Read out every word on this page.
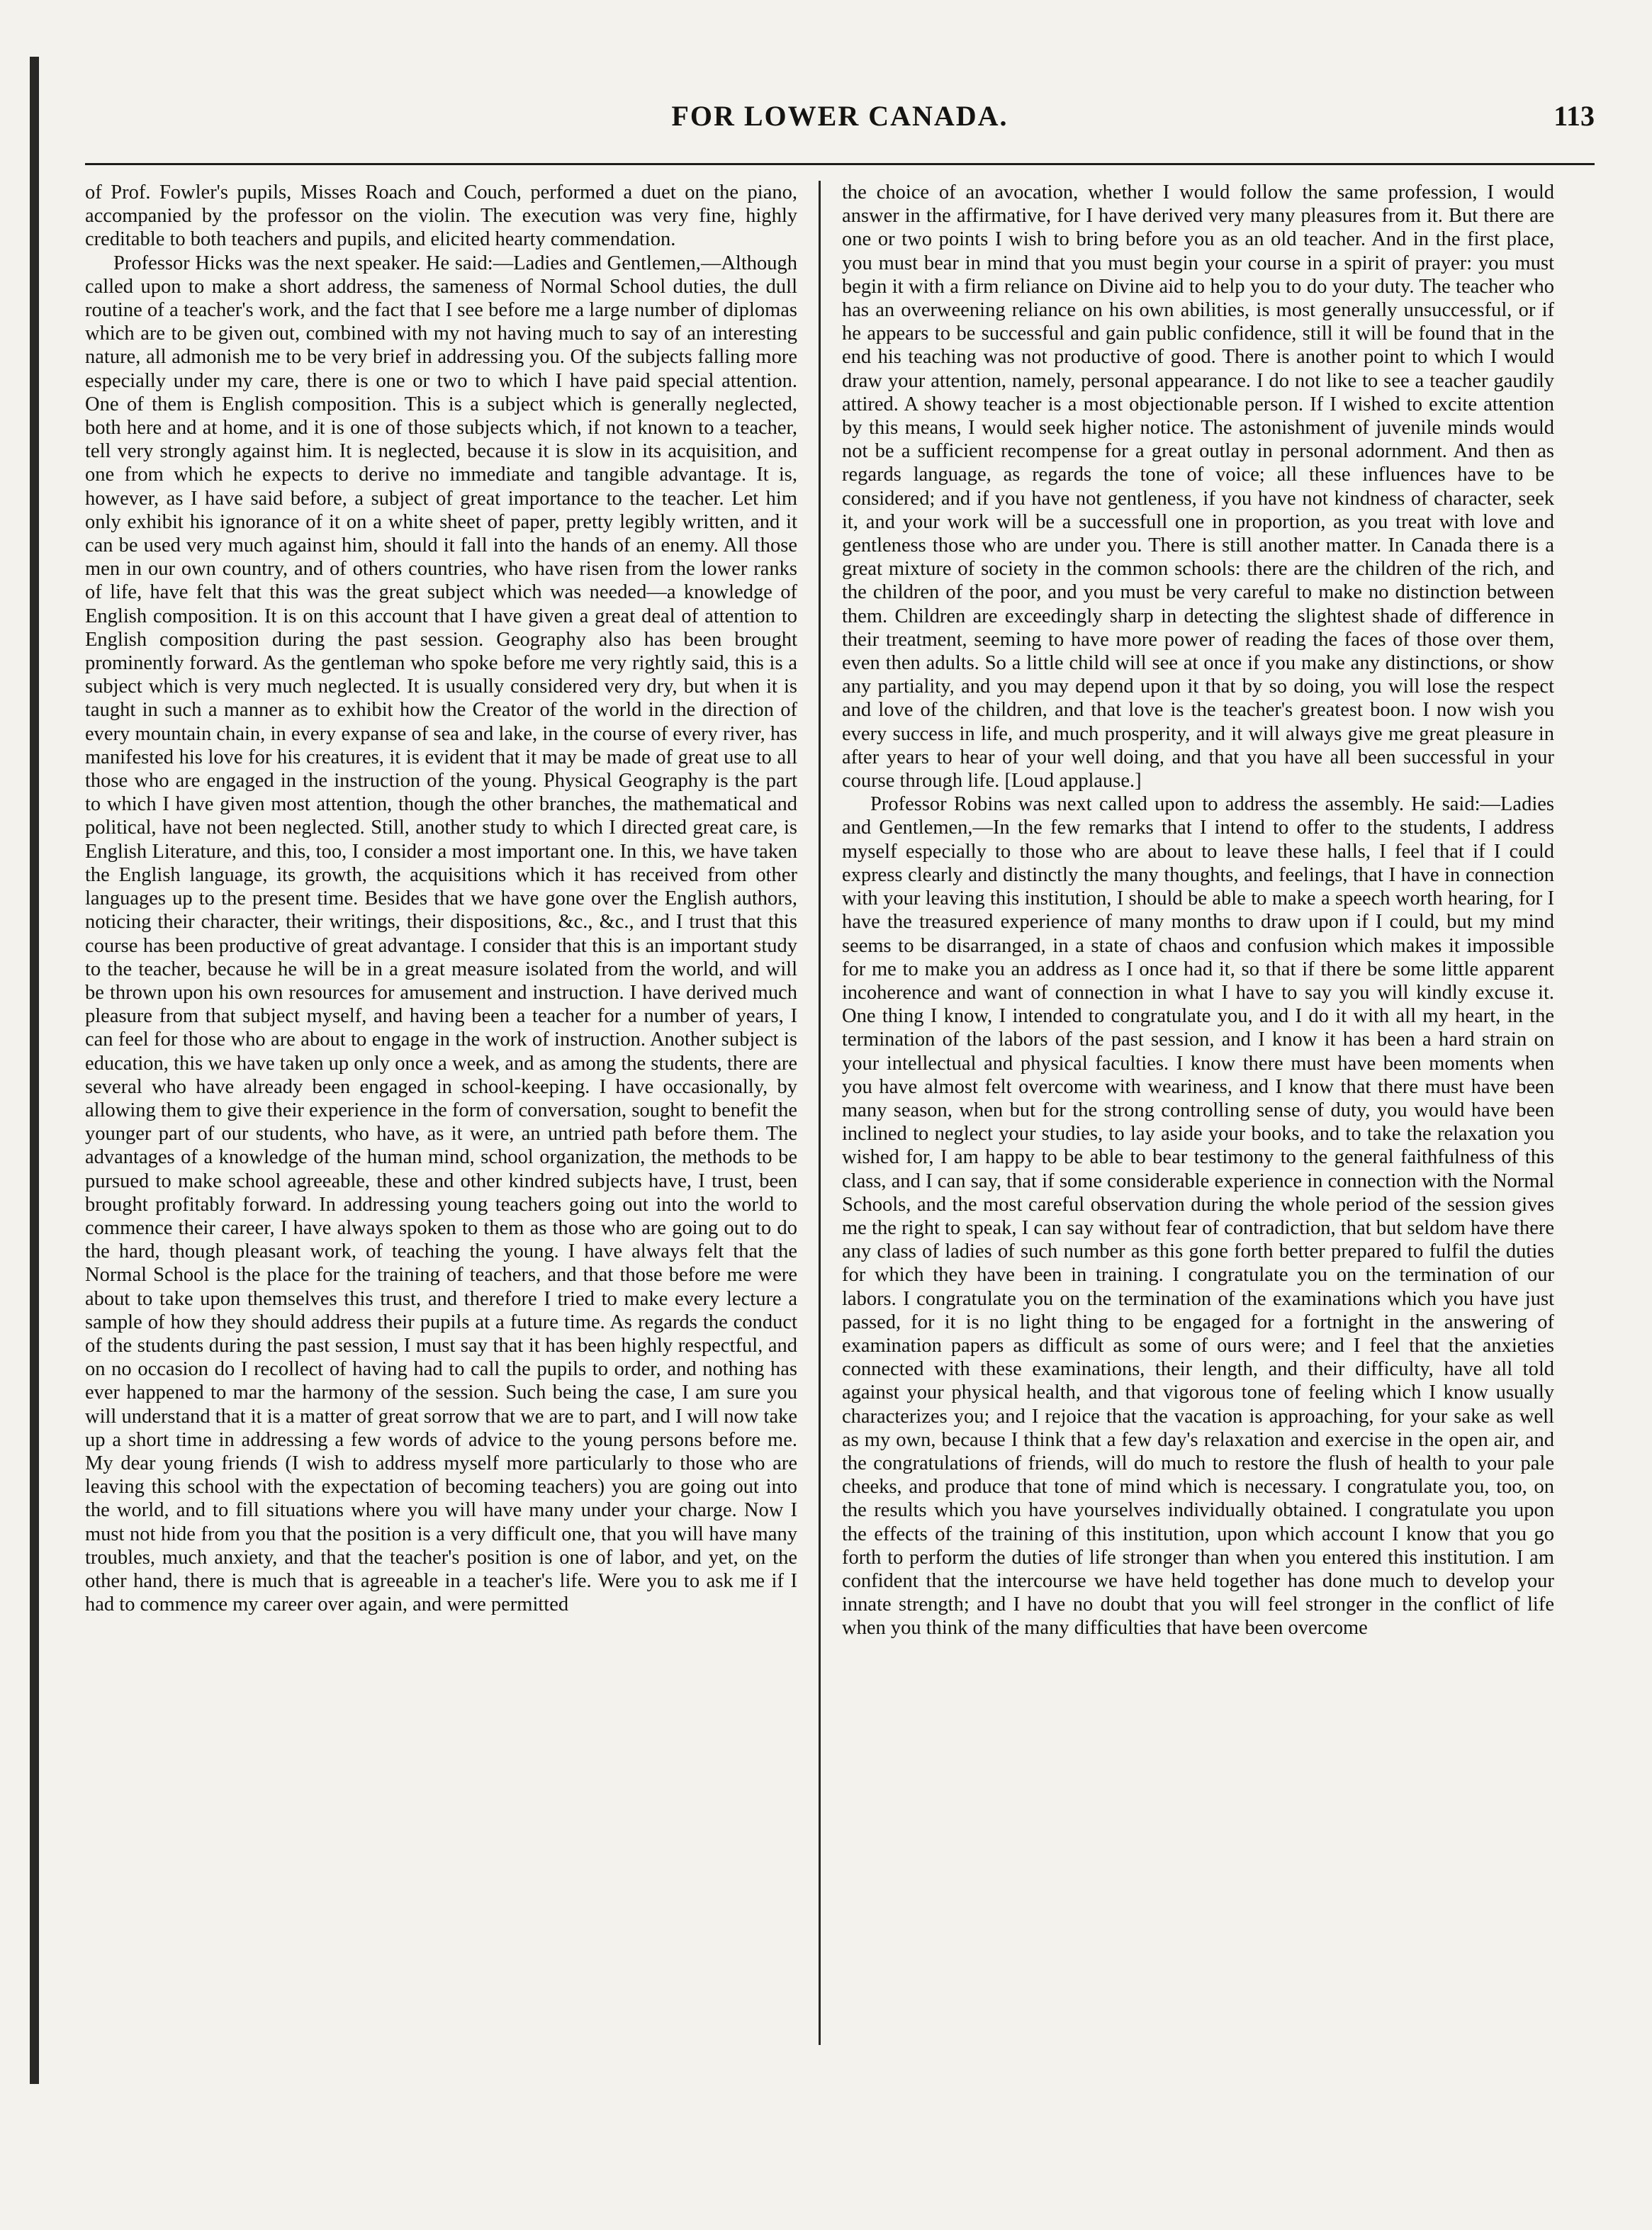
FOR LOWER CANADA.	113

of Prof. Fowler's pupils, Misses Roach and Couch, performed a duet on the piano, accompanied by the professor on the violin. The execution was very fine, highly creditable to both teachers and pupils, and elicited hearty commendation.

Professor Hicks was the next speaker. He said:—Ladies and Gentlemen,—Although called upon to make a short address, the sameness of Normal School duties, the dull routine of a teacher's work, and the fact that I see before me a large number of diplomas which are to be given out, combined with my not having much to say of an interesting nature, all admonish me to be very brief in addressing you. Of the subjects falling more especially under my care, there is one or two to which I have paid special attention. One of them is English composition. This is a subject which is generally neglected, both here and at home, and it is one of those subjects which, if not known to a teacher, tell very strongly against him. It is neglected, because it is slow in its acquisition, and one from which he expects to derive no immediate and tangible advantage. It is, however, as I have said before, a subject of great importance to the teacher. Let him only exhibit his ignorance of it on a white sheet of paper, pretty legibly written, and it can be used very much against him, should it fall into the hands of an enemy. All those men in our own country, and of others countries, who have risen from the lower ranks of life, have felt that this was the great subject which was needed—a knowledge of English composition. It is on this account that I have given a great deal of attention to English composition during the past session. Geography also has been brought prominently forward. As the gentleman who spoke before me very rightly said, this is a subject which is very much neglected. It is usually considered very dry, but when it is taught in such a manner as to exhibit how the Creator of the world in the direction of every mountain chain, in every expanse of sea and lake, in the course of every river, has manifested his love for his creatures, it is evident that it may be made of great use to all those who are engaged in the instruction of the young. Physical Geography is the part to which I have given most attention, though the other branches, the mathematical and political, have not been neglected. Still, another study to which I directed great care, is English Literature, and this, too, I consider a most important one. In this, we have taken the English language, its growth, the acquisitions which it has received from other languages up to the present time. Besides that we have gone over the English authors, noticing their character, their writings, their dispositions, &c., &c., and I trust that this course has been productive of great advantage. I consider that this is an important study to the teacher, because he will be in a great measure isolated from the world, and will be thrown upon his own resources for amusement and instruction. I have derived much pleasure from that subject myself, and having been a teacher for a number of years, I can feel for those who are about to engage in the work of instruction. Another subject is education, this we have taken up only once a week, and as among the students, there are several who have already been engaged in school-keeping. I have occasionally, by allowing them to give their experience in the form of conversation, sought to benefit the younger part of our students, who have, as it were, an untried path before them. The advantages of a knowledge of the human mind, school organization, the methods to be pursued to make school agreeable, these and other kindred subjects have, I trust, been brought profitably forward. In addressing young teachers going out into the world to commence their career, I have always spoken to them as those who are going out to do the hard, though pleasant work, of teaching the young. I have always felt that the Normal School is the place for the training of teachers, and that those before me were about to take upon themselves this trust, and therefore I tried to make every lecture a sample of how they should address their pupils at a future time. As regards the conduct of the students during the past session, I must say that it has been highly respectful, and on no occasion do I recollect of having had to call the pupils to order, and nothing has ever happened to mar the harmony of the session. Such being the case, I am sure you will understand that it is a matter of great sorrow that we are to part, and I will now take up a short time in addressing a few words of advice to the young persons before me. My dear young friends (I wish to address myself more particularly to those who are leaving this school with the expectation of becoming teachers) you are going out into the world, and to fill situations where you will have many under your charge. Now I must not hide from you that the position is a very difficult one, that you will have many troubles, much anxiety, and that the teacher's position is one of labor, and yet, on the other hand, there is much that is agreeable in a teacher's life. Were you to ask me if I had to commence my career over again, and were permitted

the choice of an avocation, whether I would follow the same profession, I would answer in the affirmative, for I have derived very many pleasures from it. But there are one or two points I wish to bring before you as an old teacher. And in the first place, you must bear in mind that you must begin your course in a spirit of prayer: you must begin it with a firm reliance on Divine aid to help you to do your duty. The teacher who has an overweening reliance on his own abilities, is most generally unsuccessful, or if he appears to be successful and gain public confidence, still it will be found that in the end his teaching was not productive of good. There is another point to which I would draw your attention, namely, personal appearance. I do not like to see a teacher gaudily attired. A showy teacher is a most objectionable person. If I wished to excite attention by this means, I would seek higher notice. The astonishment of juvenile minds would not be a sufficient recompense for a great outlay in personal adornment. And then as regards language, as regards the tone of voice; all these influences have to be considered; and if you have not gentleness, if you have not kindness of character, seek it, and your work will be a successfull one in proportion, as you treat with love and gentleness those who are under you. There is still another matter. In Canada there is a great mixture of society in the common schools: there are the children of the rich, and the children of the poor, and you must be very careful to make no distinction between them. Children are exceedingly sharp in detecting the slightest shade of difference in their treatment, seeming to have more power of reading the faces of those over them, even then adults. So a little child will see at once if you make any distinctions, or show any partiality, and you may depend upon it that by so doing, you will lose the respect and love of the children, and that love is the teacher's greatest boon. I now wish you every success in life, and much prosperity, and it will always give me great pleasure in after years to hear of your well doing, and that you have all been successful in your course through life. [Loud applause.]

Professor Robins was next called upon to address the assembly. He said:—Ladies and Gentlemen,—In the few remarks that I intend to offer to the students, I address myself especially to those who are about to leave these halls, I feel that if I could express clearly and distinctly the many thoughts, and feelings, that I have in connection with your leaving this institution, I should be able to make a speech worth hearing, for I have the treasured experience of many months to draw upon if I could, but my mind seems to be disarranged, in a state of chaos and confusion which makes it impossible for me to make you an address as I once had it, so that if there be some little apparent incoherence and want of connection in what I have to say you will kindly excuse it. One thing I know, I intended to congratulate you, and I do it with all my heart, in the termination of the labors of the past session, and I know it has been a hard strain on your intellectual and physical faculties. I know there must have been moments when you have almost felt overcome with weariness, and I know that there must have been many season, when but for the strong controlling sense of duty, you would have been inclined to neglect your studies, to lay aside your books, and to take the relaxation you wished for, I am happy to be able to bear testimony to the general faithfulness of this class, and I can say, that if some considerable experience in connection with the Normal Schools, and the most careful observation during the whole period of the session gives me the right to speak, I can say without fear of contradiction, that but seldom have there any class of ladies of such number as this gone forth better prepared to fulfil the duties for which they have been in training. I congratulate you on the termination of our labors. I congratulate you on the termination of the examinations which you have just passed, for it is no light thing to be engaged for a fortnight in the answering of examination papers as difficult as some of ours were; and I feel that the anxieties connected with these examinations, their length, and their difficulty, have all told against your physical health, and that vigorous tone of feeling which I know usually characterizes you; and I rejoice that the vacation is approaching, for your sake as well as my own, because I think that a few day's relaxation and exercise in the open air, and the congratulations of friends, will do much to restore the flush of health to your pale cheeks, and produce that tone of mind which is necessary. I congratulate you, too, on the results which you have yourselves individually obtained. I congratulate you upon the effects of the training of this institution, upon which account I know that you go forth to perform the duties of life stronger than when you entered this institution. I am confident that the intercourse we have held together has done much to develop your innate strength; and I have no doubt that you will feel stronger in the conflict of life when you think of the many difficulties that have been overcome
